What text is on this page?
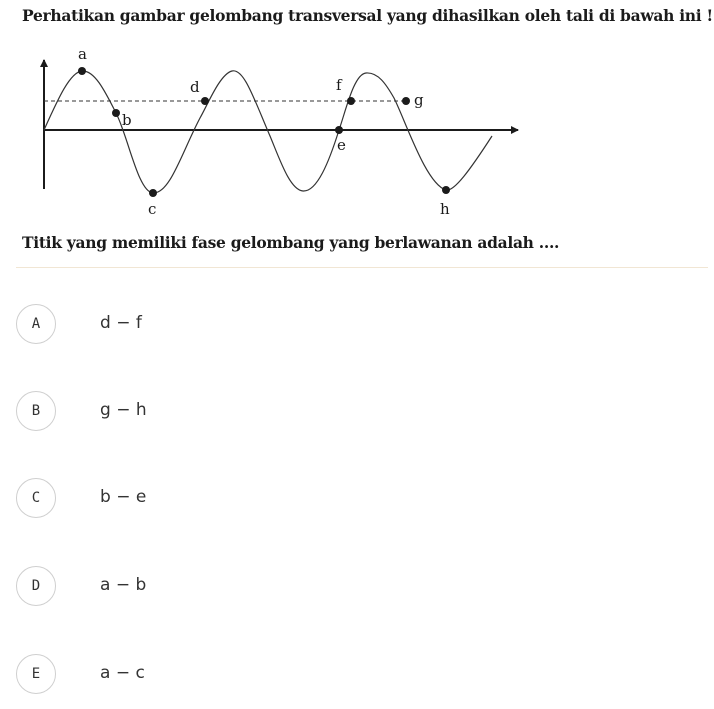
Perhatikan gambar gelombang transversal yang dihasilkan oleh tali di bawah ini !
a
b
c
d
e
f
g
h
Titik yang memiliki fase gelombang yang berlawanan adalah ....
A	d − f
B	g − h
C	b − e
D	a − b
E	a − c
